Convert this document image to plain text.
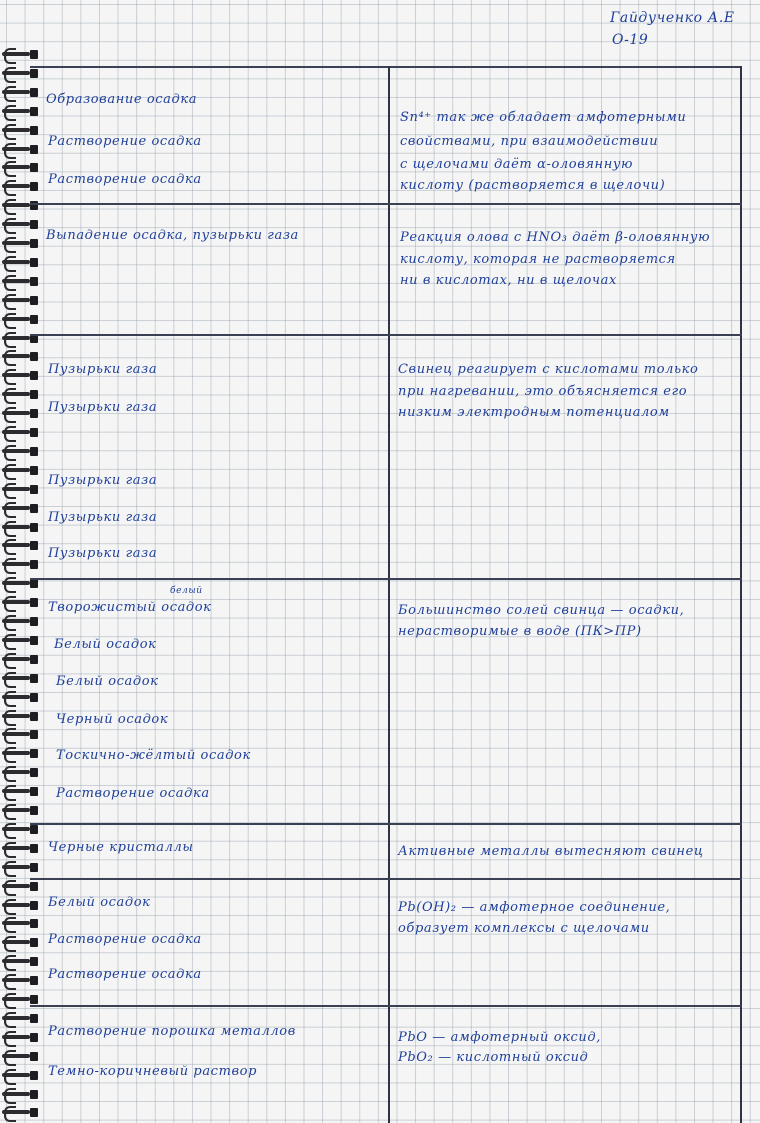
Гайдученко А.Е
О-19
Образование осадка
Растворение осадка
Растворение осадка
Sn⁴⁺ так же обладает амфотерными
свойствами, при взаимодействии
с щелочами даёт α-оловянную
кислоту (растворяется в щелочи)
Выпадение осадка, пузырьки газа	Реакция олова с HNO₃ даёт β-оловянную
кислоту, которая не растворяется
ни в кислотах, ни в щелочах
Пузырьки газа
Пузырьки газа
Пузырьки газа
Пузырьки газа
Пузырьки газа
Свинец реагирует с кислотами только
при нагревании, это объясняется его
низким электродным потенциалом
белый
Творожистый осадок
Белый осадок
Белый осадок
Черный осадок
Тоскично-жёлтый осадок
Растворение осадка
Большинство солей свинца — осадки,
нерастворимые в воде (ПК>ПР)
Черные кристаллы	Активные металлы вытесняют свинец
Белый осадок
Растворение осадка
Растворение осадка
Pb(OH)₂ — амфотерное соединение,
образует комплексы с щелочами
Растворение порошка металлов
Темно-коричневый раствор
PbO — амфотерный оксид,
PbO₂ — кислотный оксид
